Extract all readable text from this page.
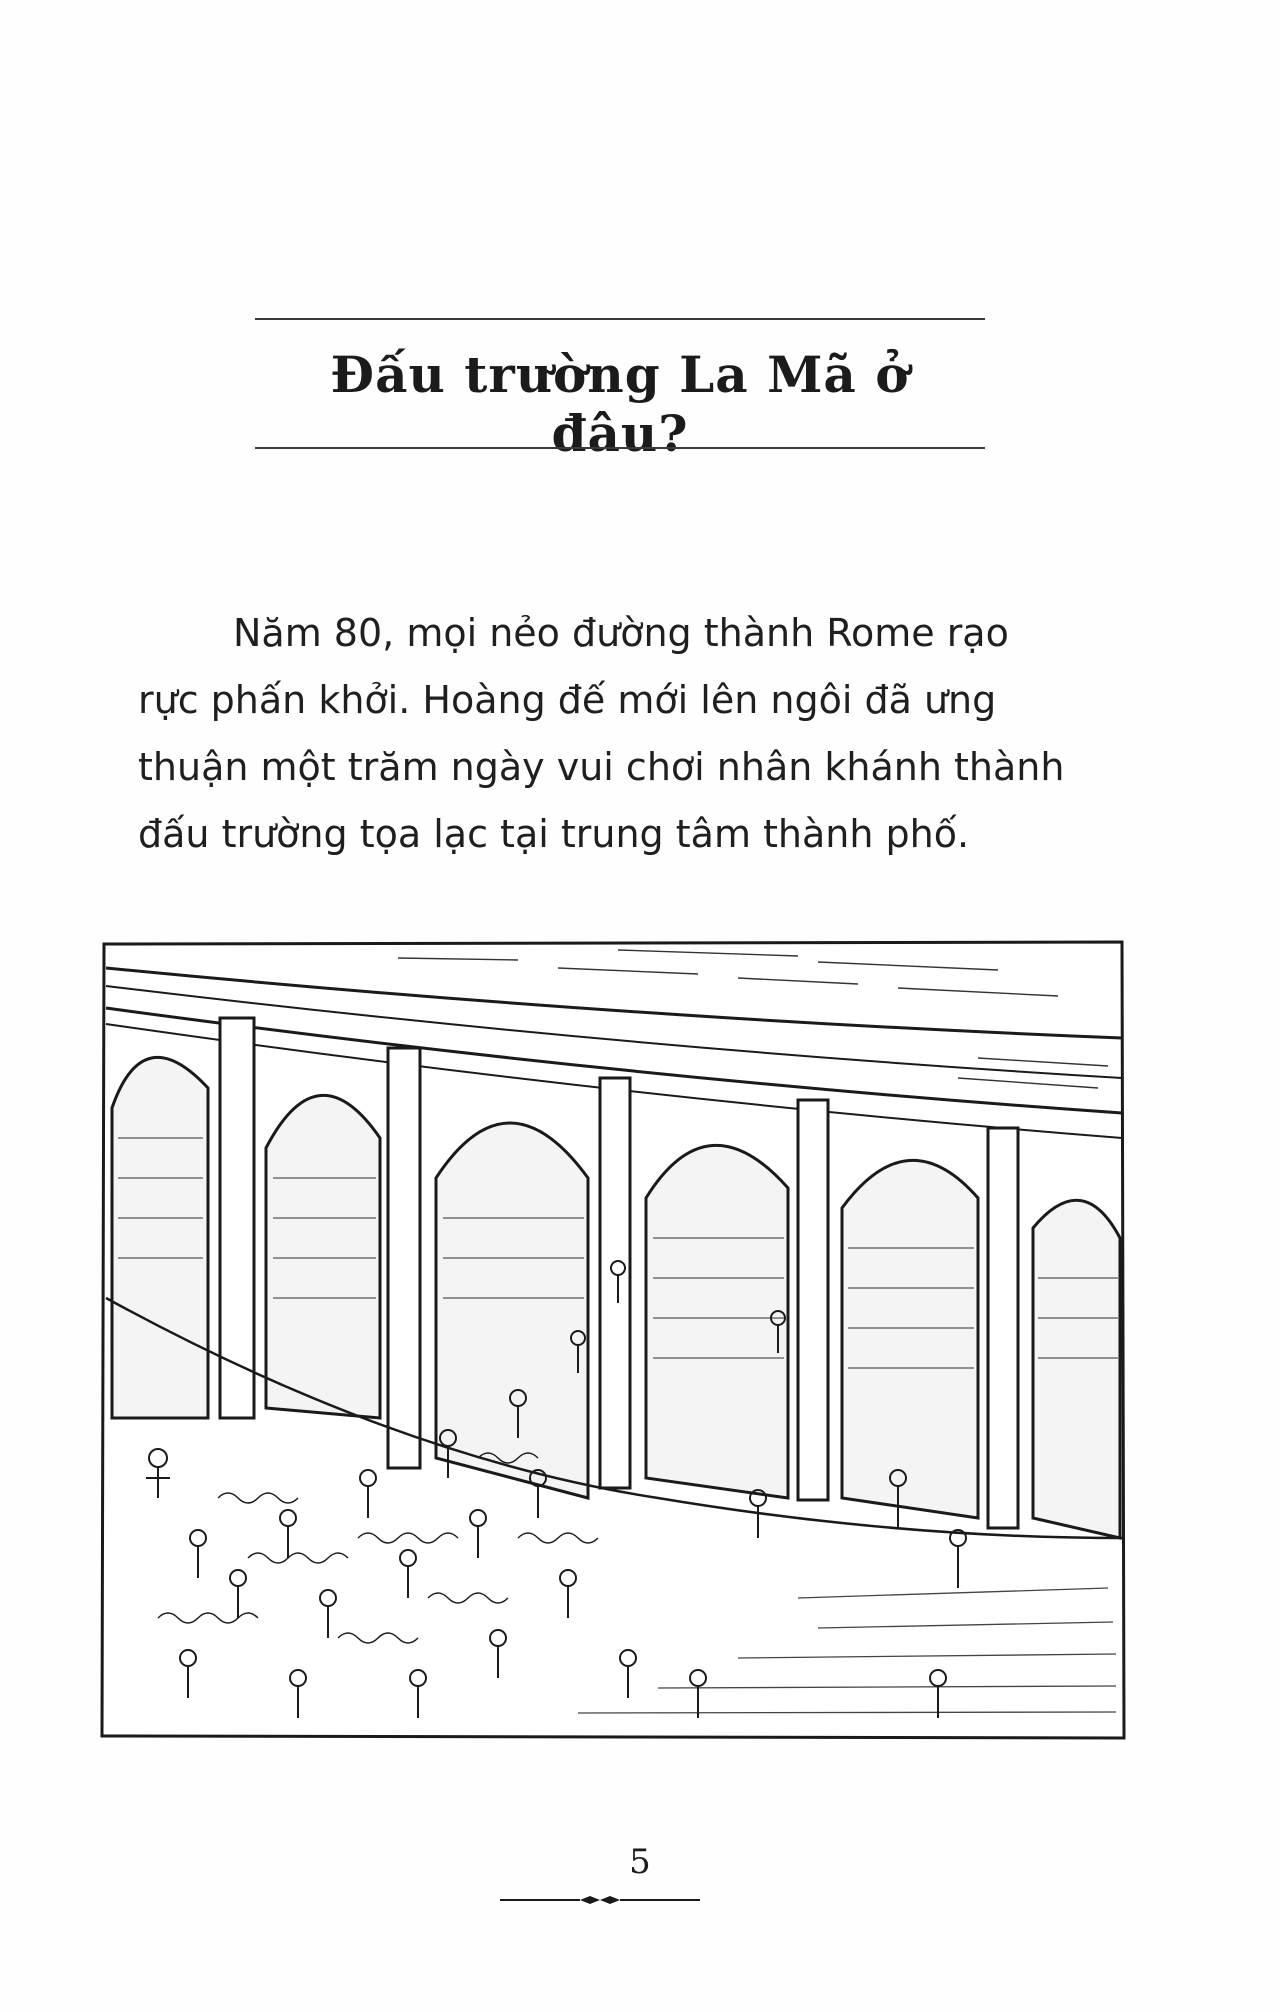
Đấu trường La Mã ở đâu?
Năm 80, mọi nẻo đường thành Rome rạo
rực phấn khởi. Hoàng đế mới lên ngôi đã ưng
thuận một trăm ngày vui chơi nhân khánh thành
đấu trường tọa lạc tại trung tâm thành phố.
5
